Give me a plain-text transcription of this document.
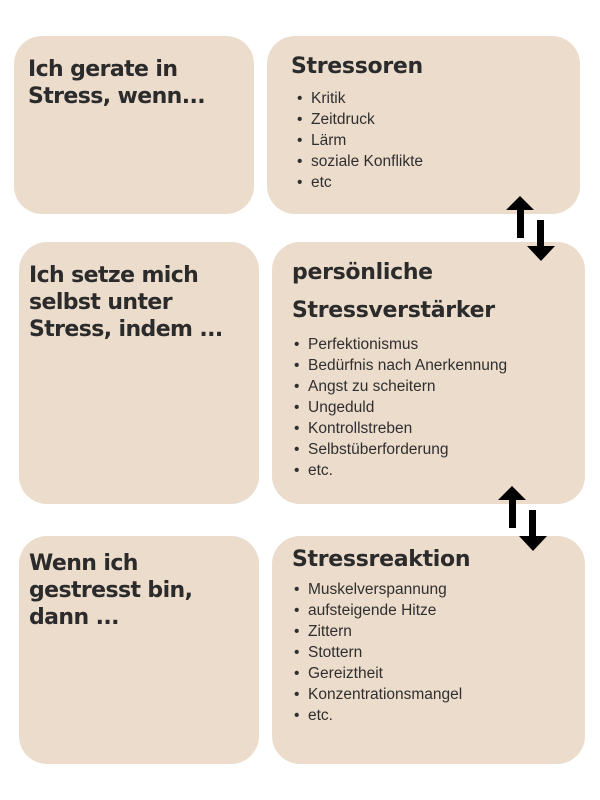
Ich gerate in
Stress, wenn...

Stressoren
• Kritik
• Zeitdruck
• Lärm
• soziale Konflikte
• etc

Ich setze mich
selbst unter
Stress, indem ...

persönliche
Stressverstärker
• Perfektionismus
• Bedürfnis nach Anerkennung
• Angst zu scheitern
• Ungeduld
• Kontrollstreben
• Selbstüberforderung
• etc.

Wenn ich
gestresst bin,
dann ...

Stressreaktion
• Muskelverspannung
• aufsteigende Hitze
• Zittern
• Stottern
• Gereiztheit
• Konzentrationsmangel
• etc.
